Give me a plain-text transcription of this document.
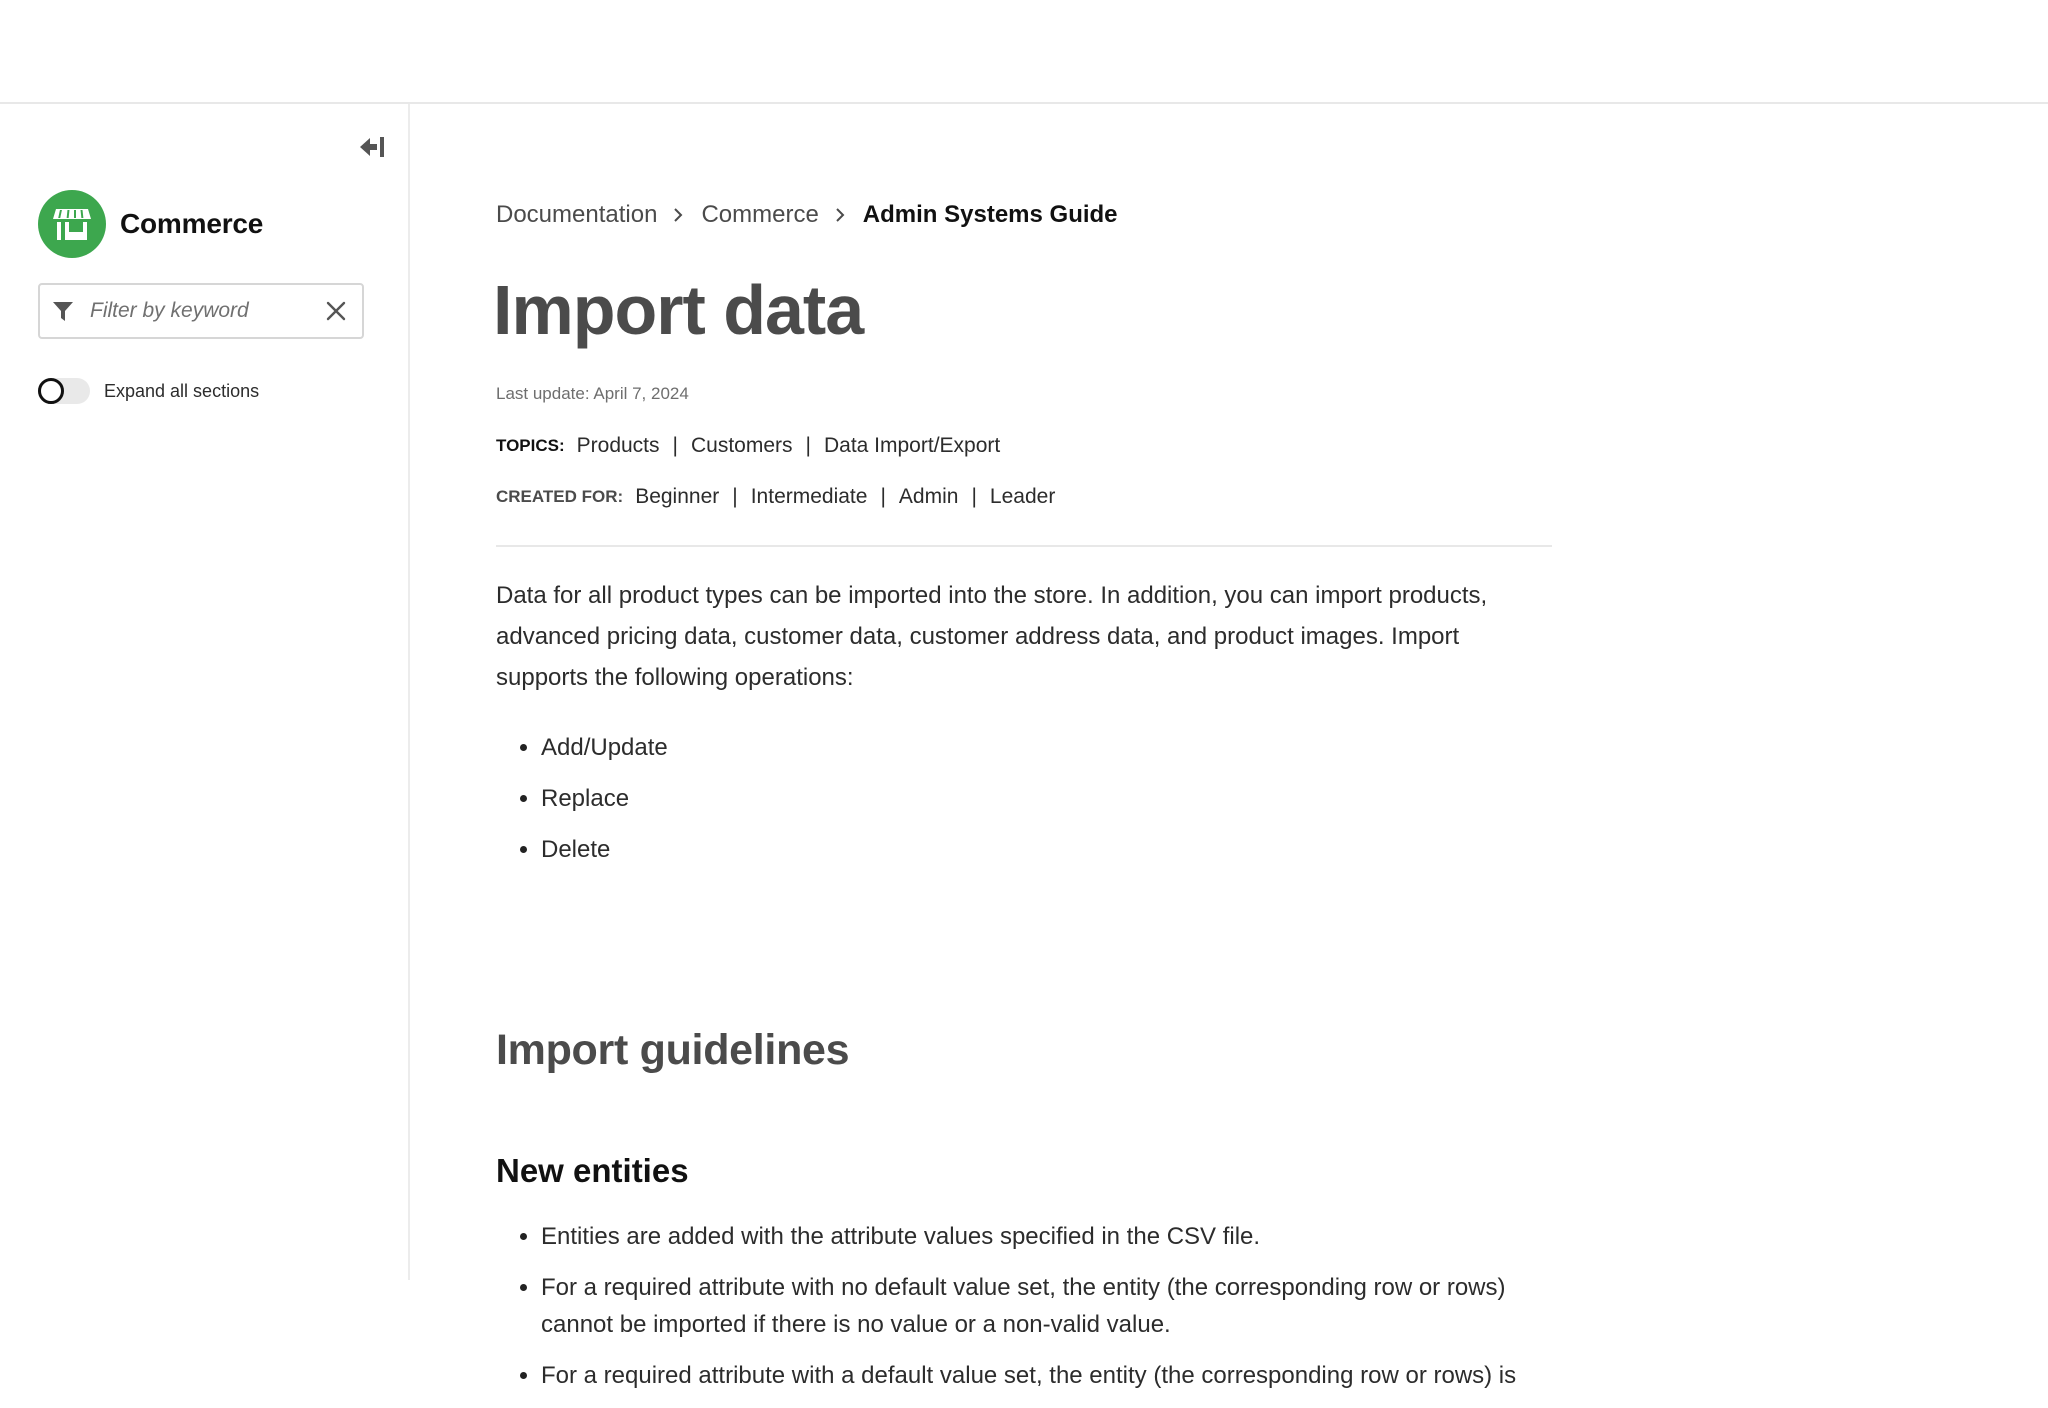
Commerce
Filter by keyword
Expand all sections
Documentation Commerce Admin Systems Guide
Import data
Last update: April 7, 2024
TOPICS: Products | Customers | Data Import/Export
CREATED FOR: Beginner | Intermediate | Admin | Leader

Data for all product types can be imported into the store. In addition, you can import products, advanced pricing data, customer data, customer address data, and product images. Import supports the following operations:

• Add/Update
• Replace
• Delete
Import guidelines
New entities
• Entities are added with the attribute values specified in the CSV file.
• For a required attribute with no default value set, the entity (the corresponding row or rows) cannot be imported if there is no value or a non-valid value.
• For a required attribute with a default value set, the entity (the corresponding row or rows) is
